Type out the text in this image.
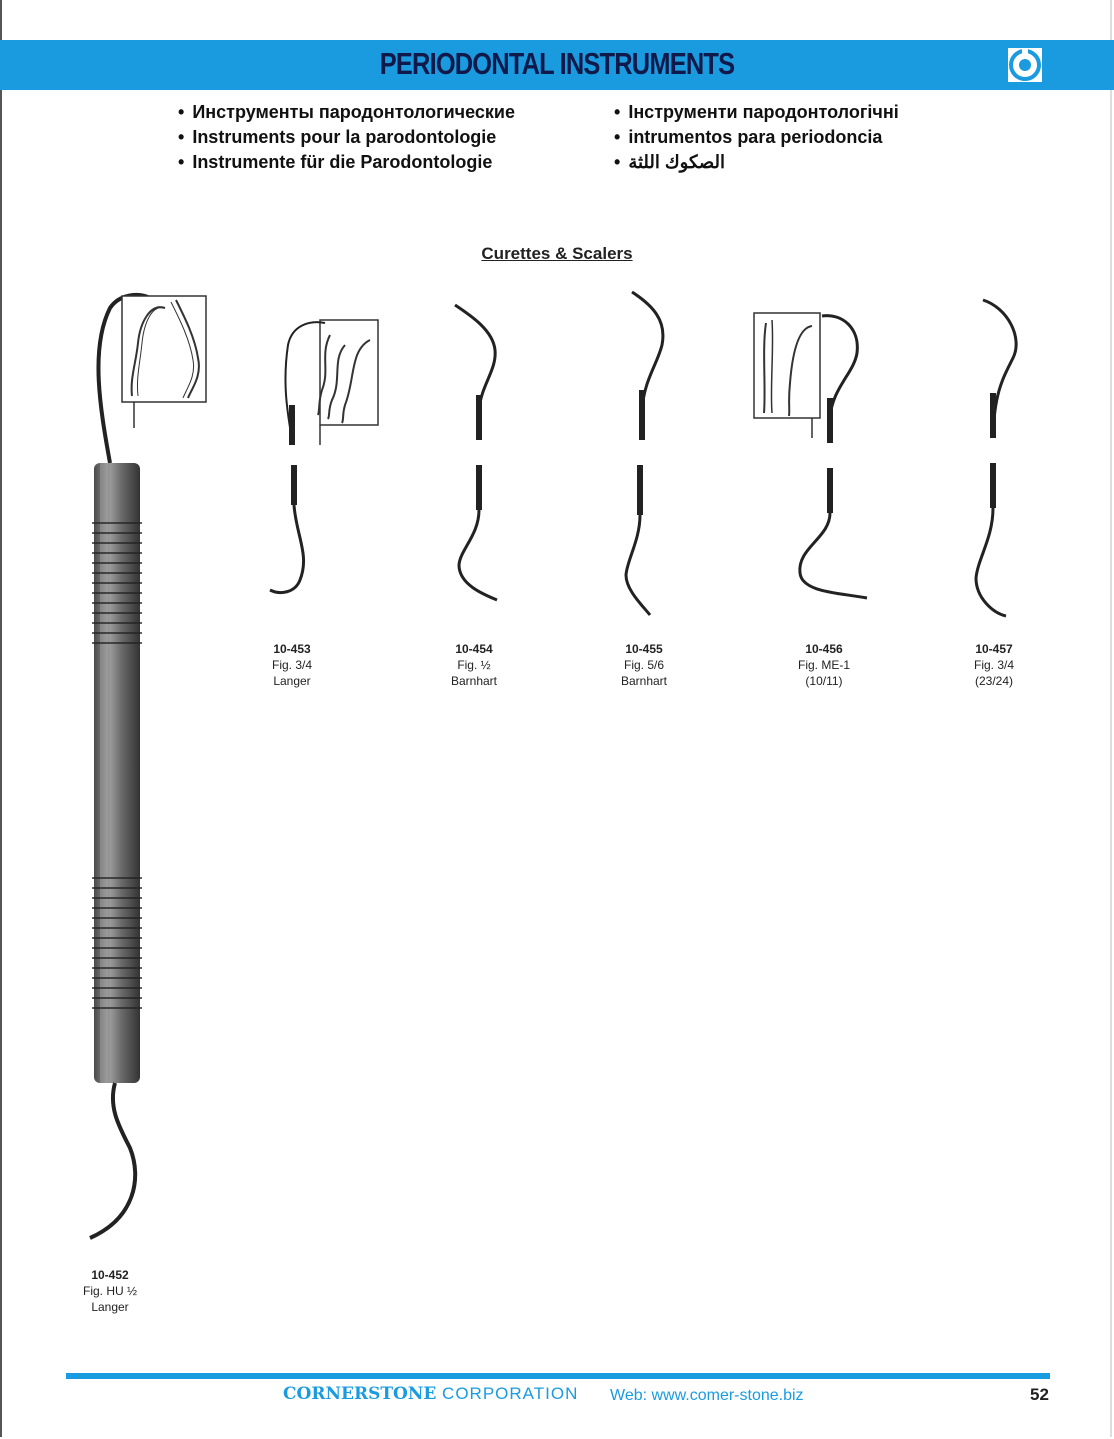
PERIODONTAL INSTRUMENTS
• Инструменты пародонтологические
• Instruments pour la parodontologie
• Instrumente für die Parodontologie
• Інструменти пародонтологічні
• intrumentos para periodoncia
الصكوك اللثة •
Curettes & Scalers
10-452
Fig. HU ½
Langer
10-453
Fig. 3/4
Langer
10-454
Fig. ½
Barnhart
10-455
Fig. 5/6
Barnhart
10-456
Fig. ME-1
(10/11)
10-457
Fig. 3/4
(23/24)
CORNERSTONE CORPORATION Web: www.comer-stone.biz	52
